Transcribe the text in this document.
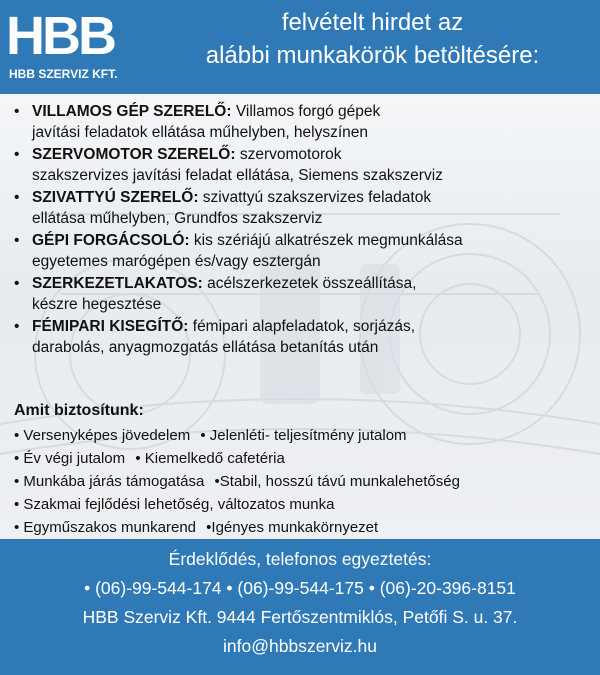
HBB
HBB SZERVIZ KFT.
felvételt hirdet az
alábbi munkakörök betöltésére:
• VILLAMOS GÉP SZERELŐ: Villamos forgó gépek
javítási feladatok ellátása műhelyben, helyszínen
• SZERVOMOTOR SZERELŐ: szervomotorok
szakszervizes javítási feladat ellátása, Siemens szakszerviz
• SZIVATTYÚ SZERELŐ: szivattyú szakszervizes feladatok
ellátása műhelyben, Grundfos szakszerviz
• GÉPI FORGÁCSOLÓ: kis szériájú alkatrészek megmunkálása
egyetemes marógépen és/vagy esztergán
• SZERKEZETLAKATOS: acélszerkezetek összeállítása,
készre hegesztése
• FÉMIPARI KISEGÍTŐ: fémipari alapfeladatok, sorjázás,
darabolás, anyagmozgatás ellátása betanítás után
Amit biztosítunk:
• Versenyképes jövedelem • Jelenléti- teljesítmény jutalom
• Év végi jutalom • Kiemelkedő cafetéria
• Munkába járás támogatása •Stabil, hosszú távú munkalehetőség
• Szakmai fejlődési lehetőség, változatos munka
• Egyműszakos munkarend •Igényes munkakörnyezet
Érdeklődés, telefonos egyeztetés:
• (06)-99-544-174 • (06)-99-544-175 • (06)-20-396-8151
HBB Szerviz Kft. 9444 Fertőszentmiklós, Petőfi S. u. 37.
info@hbbszerviz.hu
